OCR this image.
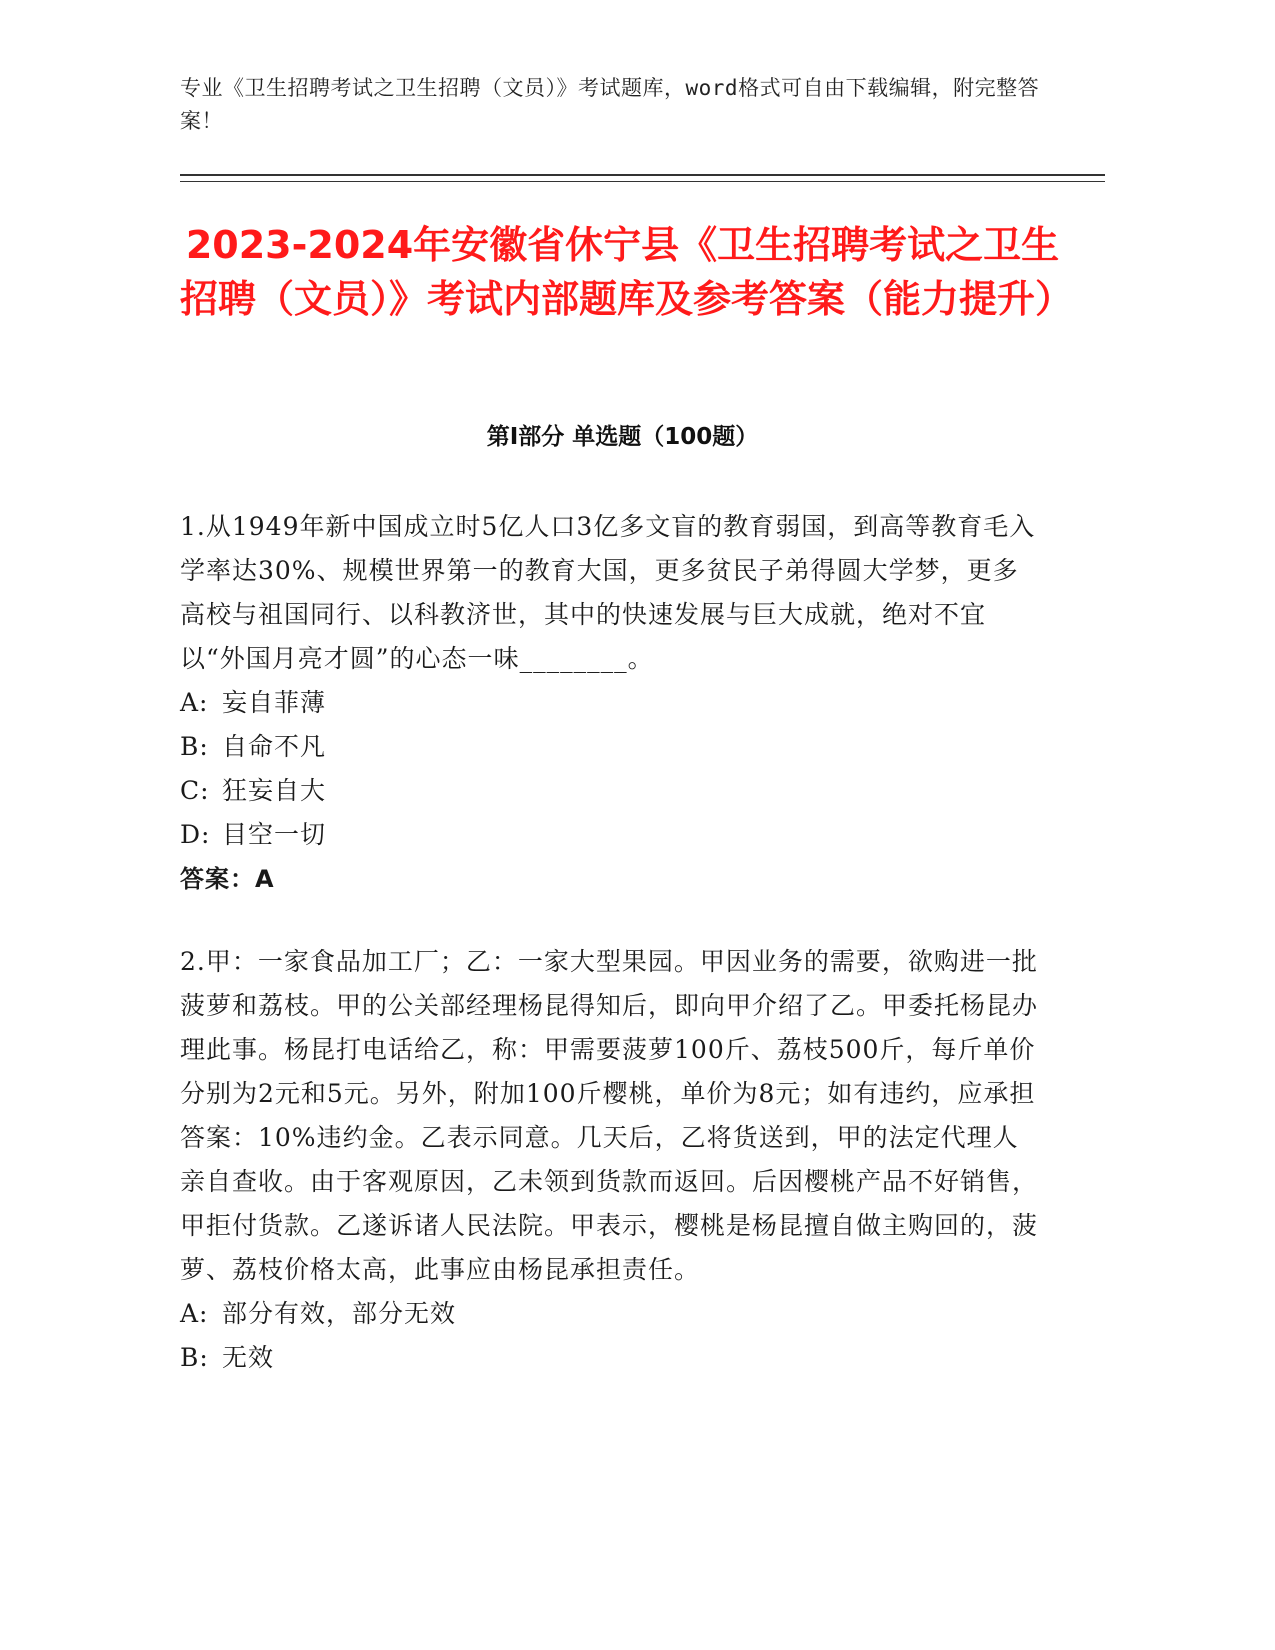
专业《卫生招聘考试之卫生招聘（文员）》考试题库，word格式可自由下载编辑，附完整答案！
2023-2024年安徽省休宁县《卫生招聘考试之卫生招聘（文员）》考试内部题库及参考答案（能力提升）
第I部分 单选题（100题）

1.从1949年新中国成立时5亿人口3亿多文盲的教育弱国，到高等教育毛入学率达30%、规模世界第一的教育大国，更多贫民子弟得圆大学梦，更多高校与祖国同行、以科教济世，其中的快速发展与巨大成就，绝对不宜以“外国月亮才圆”的心态一味________。

A: 妄自菲薄

B: 自命不凡

C: 狂妄自大

D: 目空一切

答案：A

2.甲：一家食品加工厂；乙：一家大型果园。甲因业务的需要，欲购进一批菠萝和荔枝。甲的公关部经理杨昆得知后，即向甲介绍了乙。甲委托杨昆办理此事。杨昆打电话给乙，称：甲需要菠萝100斤、荔枝500斤，每斤单价分别为2元和5元。另外，附加100斤樱桃，单价为8元；如有违约，应承担答案：10%违约金。乙表示同意。几天后，乙将货送到，甲的法定代理人亲自查收。由于客观原因，乙未领到货款而返回。后因樱桃产品不好销售，甲拒付货款。乙遂诉诸人民法院。甲表示，樱桃是杨昆擅自做主购回的，菠萝、荔枝价格太高，此事应由杨昆承担责任。

A: 部分有效，部分无效

B: 无效
